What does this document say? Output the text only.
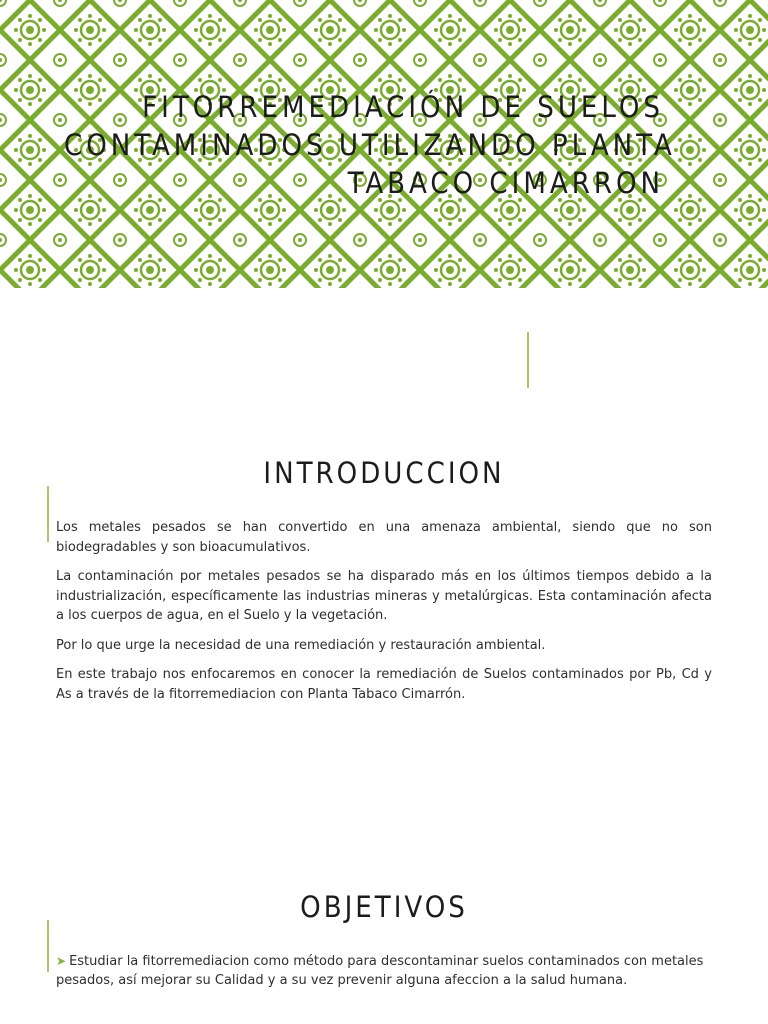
FITORREMEDIACIÓN DE SUELOS
CONTAMINADOS UTILIZANDO PLANTA
TABACO CIMARRON
INTRODUCCION

Los metales pesados se han convertido en una amenaza ambiental, siendo que no son biodegradables y son bioacumulativos.

La contaminación por metales pesados se ha disparado más en los últimos tiempos debido a la industrialización, específicamente las industrias mineras y metalúrgicas. Esta contaminación afecta a los cuerpos de agua, en el Suelo y la vegetación.

Por lo que urge la necesidad de una remediación y restauración ambiental.

En este trabajo nos enfocaremos en conocer la remediación de Suelos contaminados por Pb, Cd y As a través de la fitorremediacion con Planta Tabaco Cimarrón.

OBJETIVOS
➤ Estudiar la fitorremediacion como método para descontaminar suelos contaminados con metales pesados, así mejorar su Calidad y a su vez prevenir alguna afeccion a la salud humana.
